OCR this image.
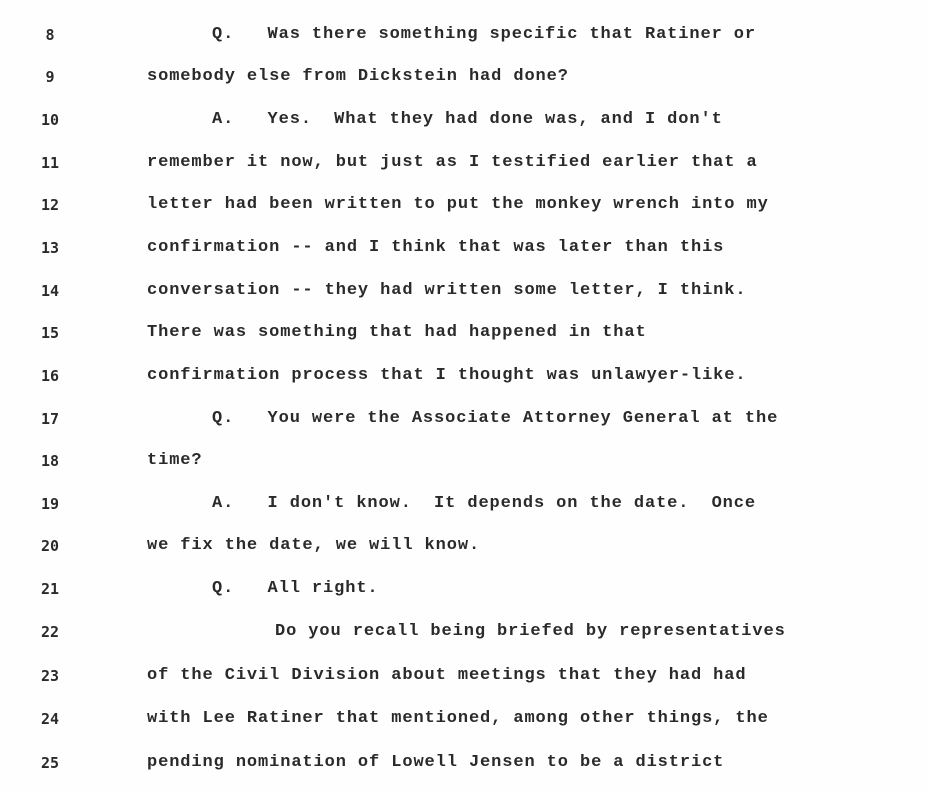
8	Q.   Was there something specific that Ratiner or
9	somebody else from Dickstein had done?
10	A.   Yes.  What they had done was, and I don't
11	remember it now, but just as I testified earlier that a
12	letter had been written to put the monkey wrench into my
13	confirmation -- and I think that was later than this
14	conversation -- they had written some letter, I think.
15	There was something that had happened in that
16	confirmation process that I thought was unlawyer-like.
17	Q.   You were the Associate Attorney General at the
18	time?
19	A.   I don't know.  It depends on the date.  Once
20	we fix the date, we will know.
21	Q.   All right.
22	Do you recall being briefed by representatives
23	of the Civil Division about meetings that they had had
24	with Lee Ratiner that mentioned, among other things, the
25	pending nomination of Lowell Jensen to be a district
